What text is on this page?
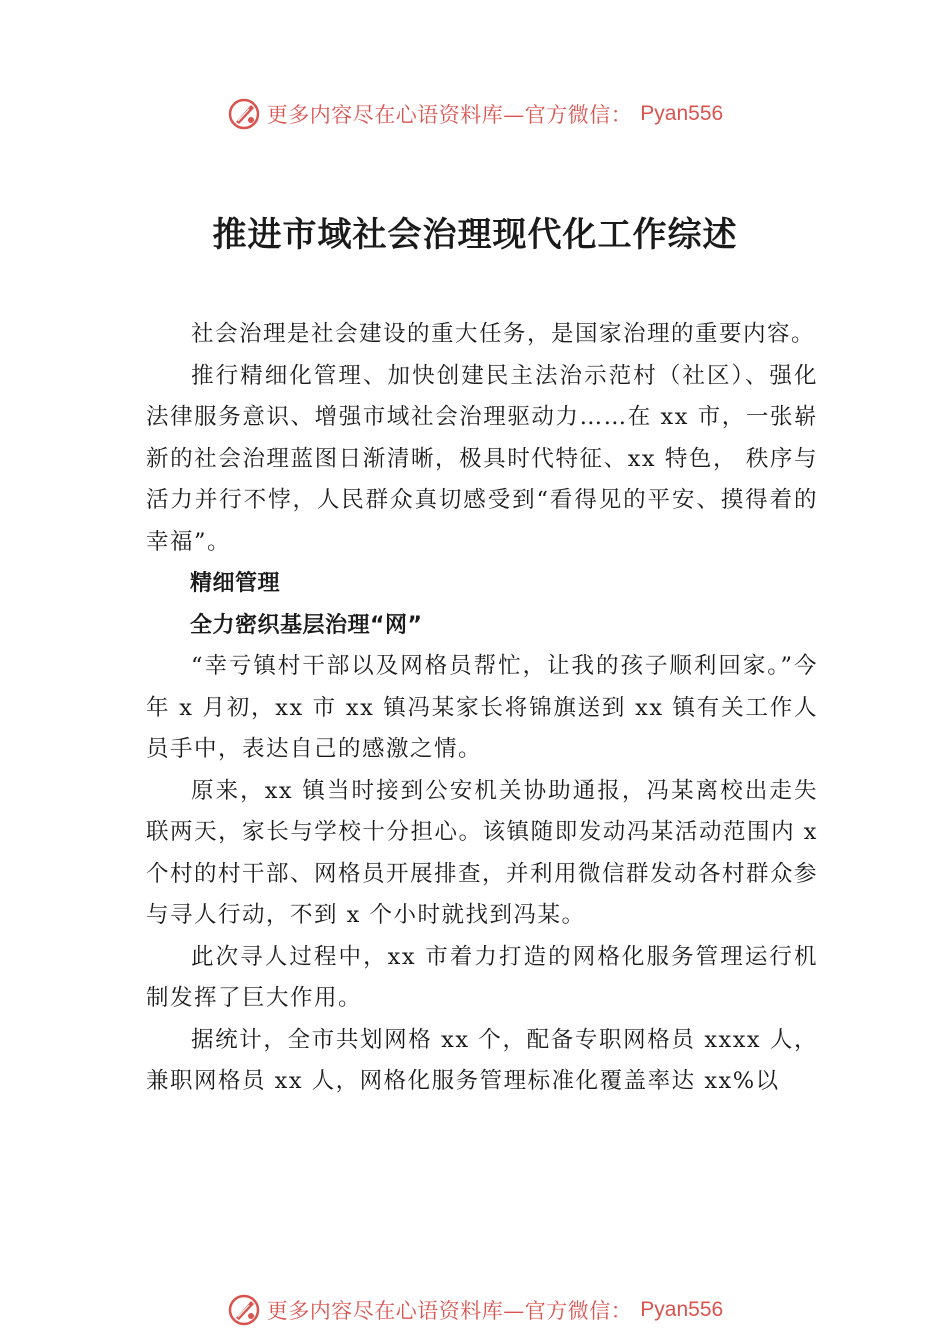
更多内容尽在心语资料库—官方微信： Pyan556
推进市域社会治理现代化工作综述

社会治理是社会建设的重大任务，是国家治理的重要内容。

推行精细化管理、加快创建民主法治示范村（社区）、强化法律服务意识、增强市域社会治理驱动力……在 xx 市，一张崭新的社会治理蓝图日渐清晰，极具时代特征、xx 特色， 秩序与活力并行不悖，人民群众真切感受到“看得见的平安、摸得着的幸福”。

精细管理

全力密织基层治理“网”

“幸亏镇村干部以及网格员帮忙，让我的孩子顺利回家。”今年 x 月初，xx 市 xx 镇冯某家长将锦旗送到 xx 镇有关工作人员手中，表达自己的感激之情。

原来，xx 镇当时接到公安机关协助通报，冯某离校出走失联两天，家长与学校十分担心。该镇随即发动冯某活动范围内 x 个村的村干部、网格员开展排查，并利用微信群发动各村群众参与寻人行动，不到 x 个小时就找到冯某。

此次寻人过程中，xx 市着力打造的网格化服务管理运行机制发挥了巨大作用。

据统计，全市共划网格 xx 个，配备专职网格员 xxxx 人， 兼职网格员 xx 人，网格化服务管理标准化覆盖率达 xx%以

更多内容尽在心语资料库—官方微信： Pyan556
